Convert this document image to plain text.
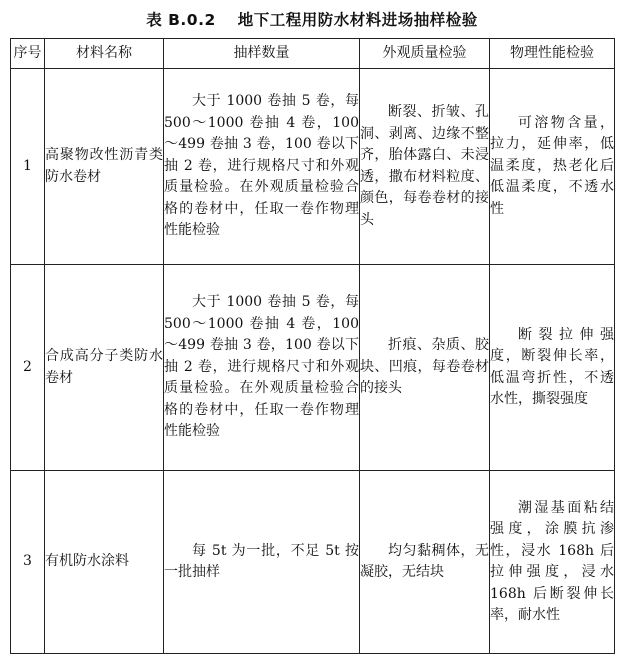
表 B.0.2 地下工程用防水材料进场抽样检验
序号	材料名称	抽样数量	外观质量检验	物理性能检验
1	高聚物改性沥青类防水卷材	大于 1000 卷抽 5 卷，每 500～1000 卷抽 4 卷，100～499 卷抽 3 卷，100 卷以下抽 2 卷，进行规格尺寸和外观质量检验。在外观质量检验合格的卷材中，任取一卷作物理性能检验	断裂、折皱、孔洞、剥离、边缘不整齐，胎体露白、未浸透，撒布材料粒度、颜色，每卷卷材的接头	可溶物含量，拉力，延伸率，低温柔度，热老化后低温柔度，不透水性

2	合成高分子类防水卷材	大于 1000 卷抽 5 卷，每 500～1000 卷抽 4 卷，100～499 卷抽 3 卷，100 卷以下抽 2 卷，进行规格尺寸和外观质量检验。在外观质量检验合格的卷材中，任取一卷作物理性能检验	折痕、杂质、胶块、凹痕，每卷卷材的接头	断裂拉伸强度，断裂伸长率，低温弯折性，不透水性，撕裂强度

3	有机防水涂料	每 5t 为一批，不足 5t 按一批抽样	均匀黏稠体，无凝胶，无结块	潮湿基面粘结强度，涂膜抗渗性，浸水 168h 后拉伸强度，浸水 168h 后断裂伸长率，耐水性
